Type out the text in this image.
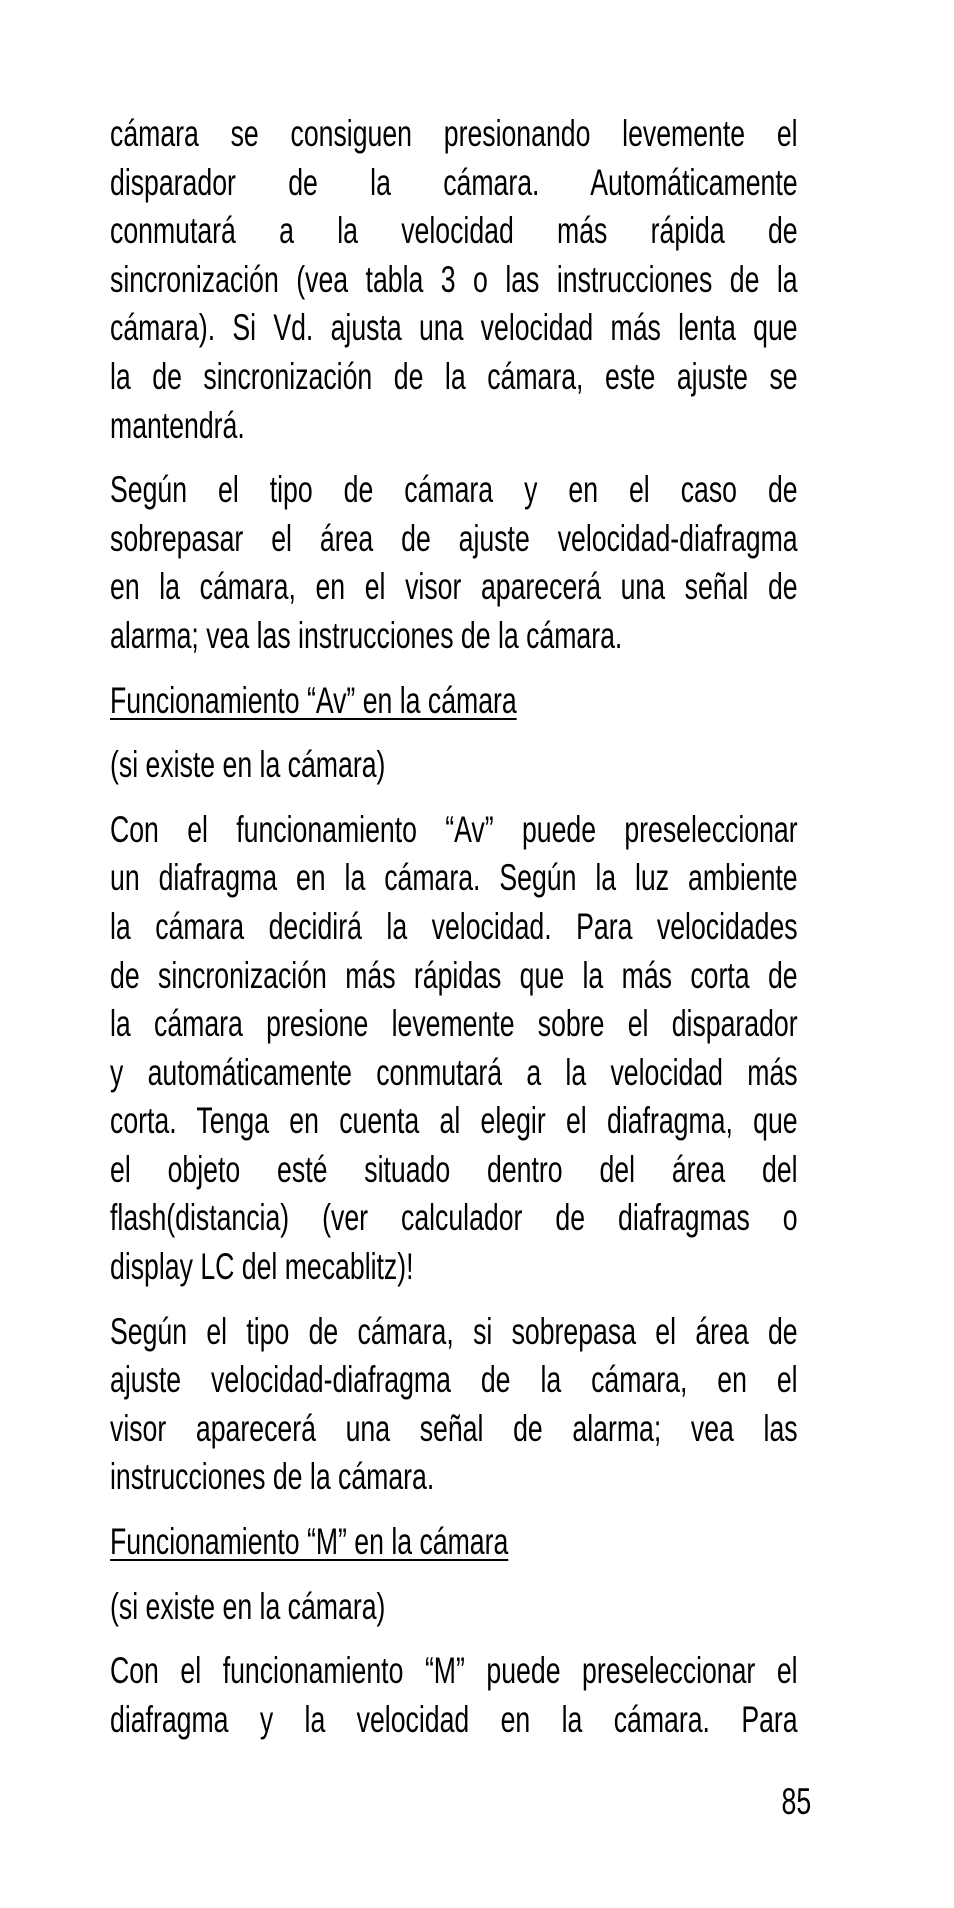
cámara se consiguen presionando levemente el
disparador de la cámara. Automáticamente
conmutará a la velocidad más rápida de
sincronización (vea tabla 3 o las instrucciones de la
cámara). Si Vd. ajusta una velocidad más lenta que
la de sincronización de la cámara, este ajuste se
mantendrá.
Según el tipo de cámara y en el caso de
sobrepasar el área de ajuste velocidad-diafragma
en la cámara, en el visor aparecerá una señal de
alarma; vea las instrucciones de la cámara.
Funcionamiento “Av” en la cámara
(si existe en la cámara)
Con el funcionamiento “Av” puede preseleccionar
un diafragma en la cámara. Según la luz ambiente
la cámara decidirá la velocidad. Para velocidades
de sincronización más rápidas que la más corta de
la cámara presione levemente sobre el disparador
y automáticamente conmutará a la velocidad más
corta. Tenga en cuenta al elegir el diafragma, que
el objeto esté situado dentro del área del
flash(distancia) (ver calculador de diafragmas o
display LC del mecablitz)!
Según el tipo de cámara, si sobrepasa el área de
ajuste velocidad-diafragma de la cámara, en el
visor aparecerá una señal de alarma; vea las
instrucciones de la cámara.
Funcionamiento “M” en la cámara
(si existe en la cámara)
Con el funcionamiento “M” puede preseleccionar el
diafragma y la velocidad en la cámara. Para
85
